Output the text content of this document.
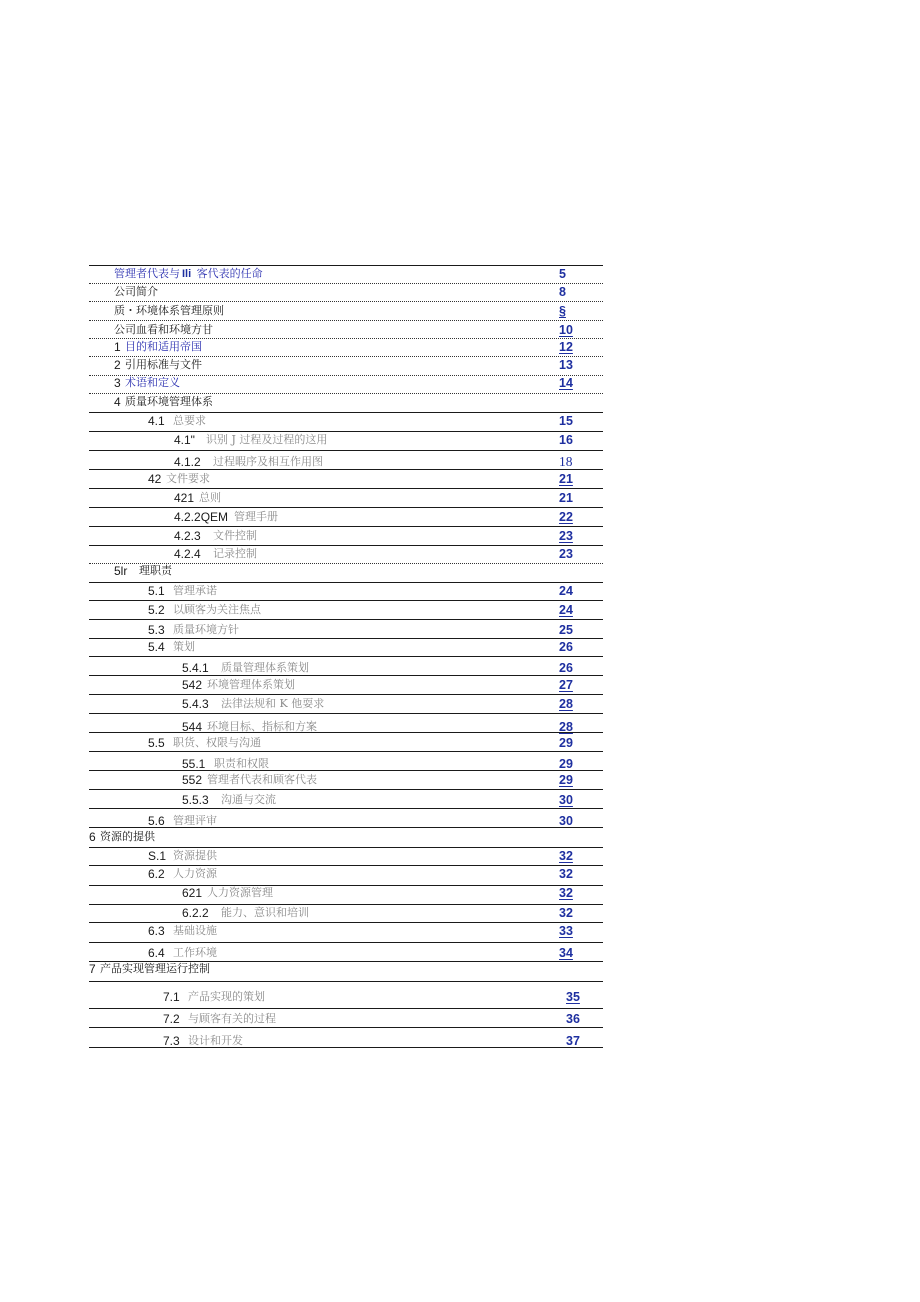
管理者代表与 Ili 客代表的任命	5
公司简介	8
质・环境体系管理原则	§
公司血看和环境方甘	10
1 目的和适用帝国	12
2 引用标准与文件	13
3 术语和定义	14
4 质量环境管理体系
4.1 总要求	15
4.1" 识别 J 过程及过程的这用	16
4.1.2 过程暇序及相互作用图	18
42 文件要求	21
421 总则	21
4.2.2QEM 管理手册	22
4.2.3 文件控制	23
4.2.4 记录控制	23
5lr 理职责
5.1 管理承诺	24
5.2 以顾客为关注焦点	24
5.3 质量环境方针	25
5.4 策划	26
5.4.1 质量管理体系策划	26
542 环境管理体系策划	27
5.4.3 法律法规和 K 他耍求	28
544 环境目标、指标和方案	28
5.5 职货、权限与沟通	29
55.1 职责和权限	29
552 管理者代表和顾客代表	29
5.5.3 沟通与交流	30
5.6 管理评审	30
6 资源的提供
S.1 资源提供	32
6.2 人力资源	32
621 人力资源管理	32
6.2.2 能力、意识和培训	32
6.3 基础设施	33
6.4 工作环境	34
7 产品实现管理运行控制
7.1 产品实现的策划	35
7.2 与顾客有关的过程	36
7.3 设计和开发	37
